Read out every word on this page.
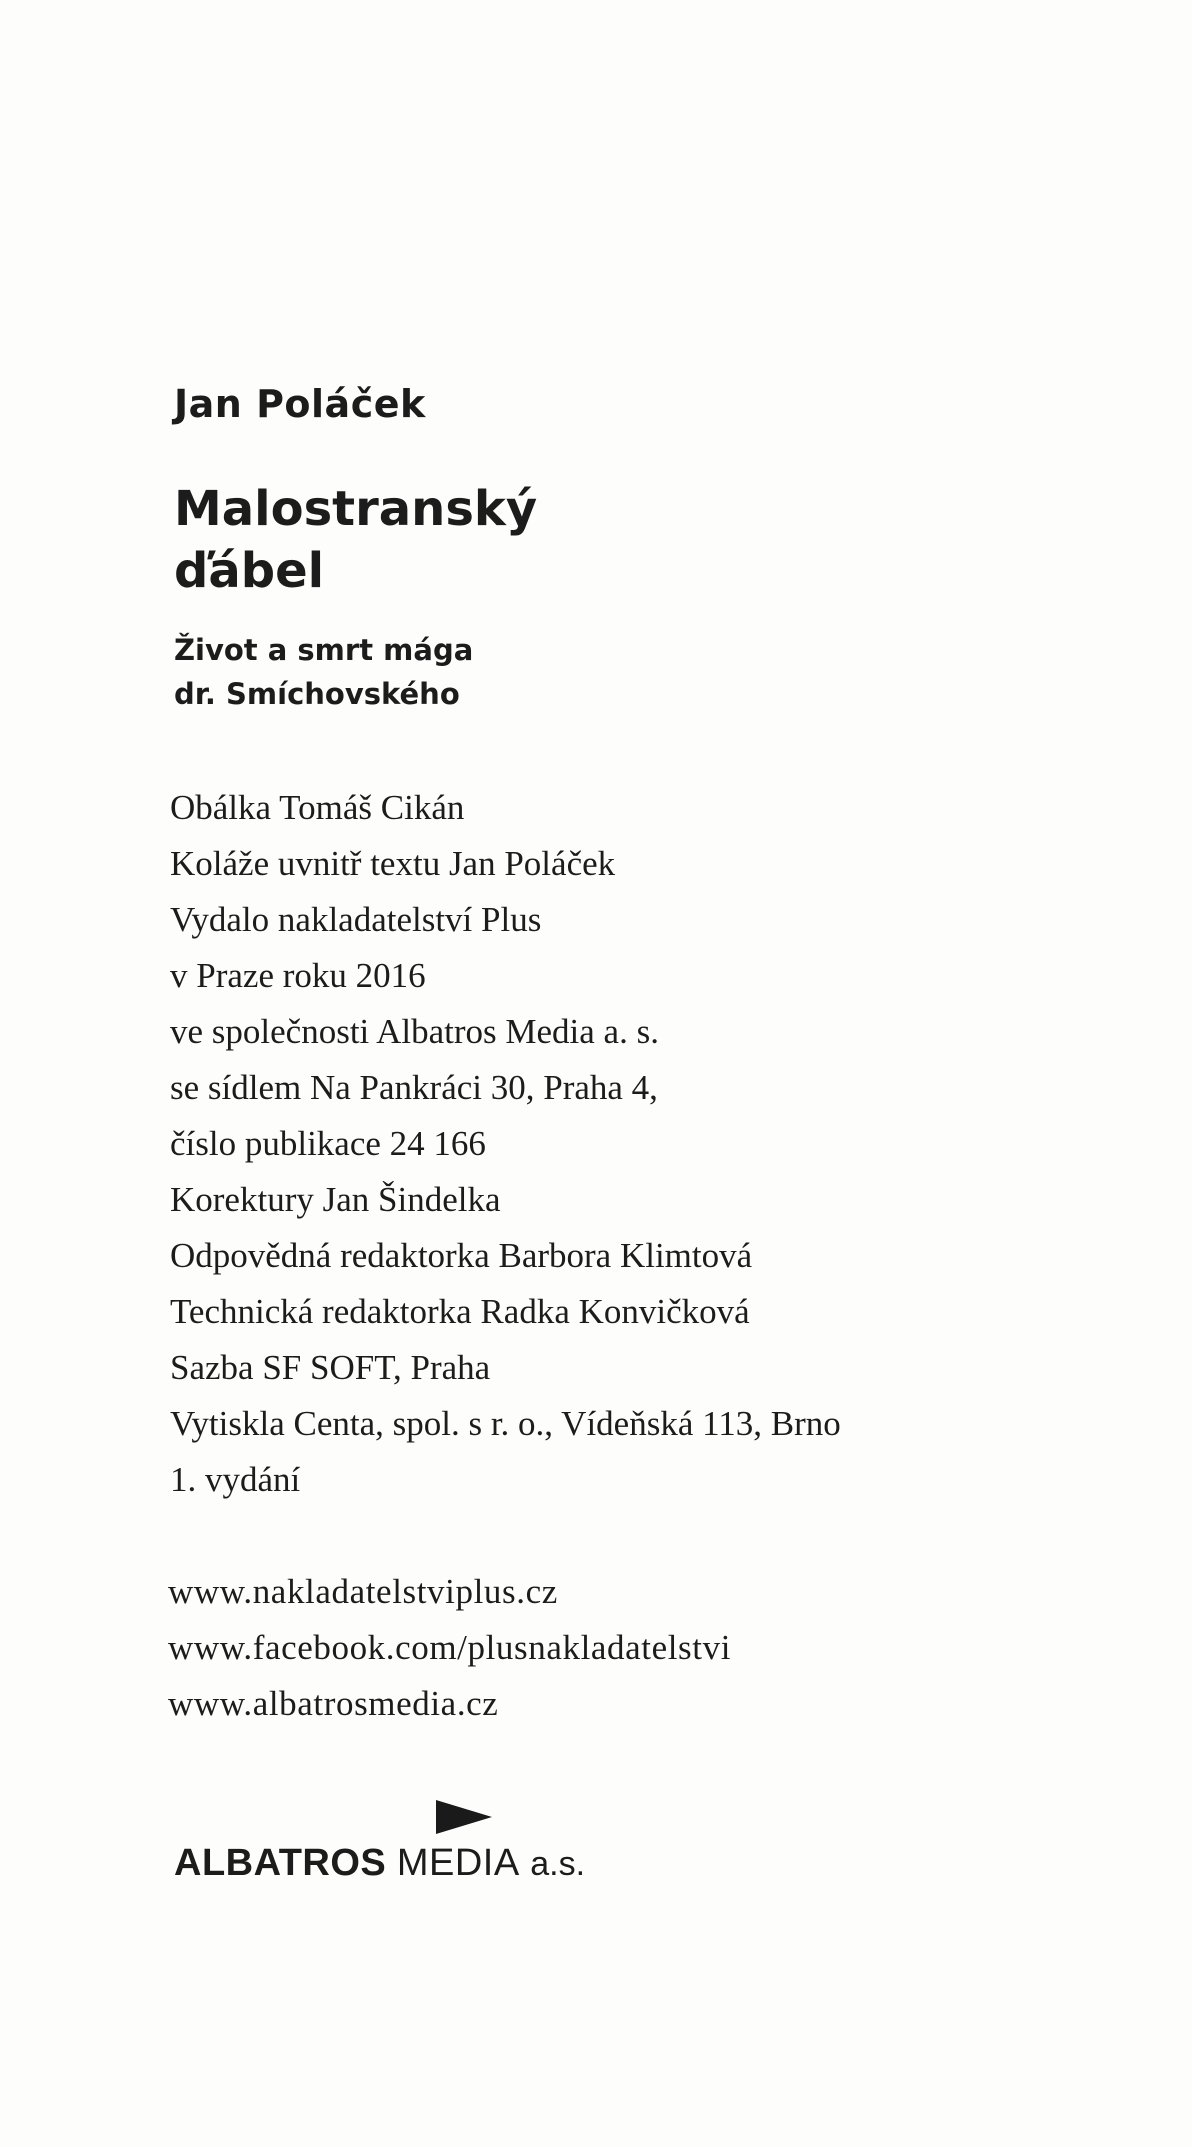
Jan Poláček
Malostranský
ďábel
Život a smrt mága
dr. Smíchovského
Obálka Tomáš Cikán
Koláže uvnitř textu Jan Poláček
Vydalo nakladatelství Plus
v Praze roku 2016
ve společnosti Albatros Media a. s.
se sídlem Na Pankráci 30, Praha 4,
číslo publikace 24 166
Korektury Jan Šindelka
Odpovědná redaktorka Barbora Klimtová
Technická redaktorka Radka Konvičková
Sazba SF SOFT, Praha
Vytiskla Centa, spol. s r. o., Vídeňská 113, Brno
1. vydání
www.nakladatelstviplus.cz
www.facebook.com/plusnakladatelstvi
www.albatrosmedia.cz
ALBATROS MEDIA a.s.
